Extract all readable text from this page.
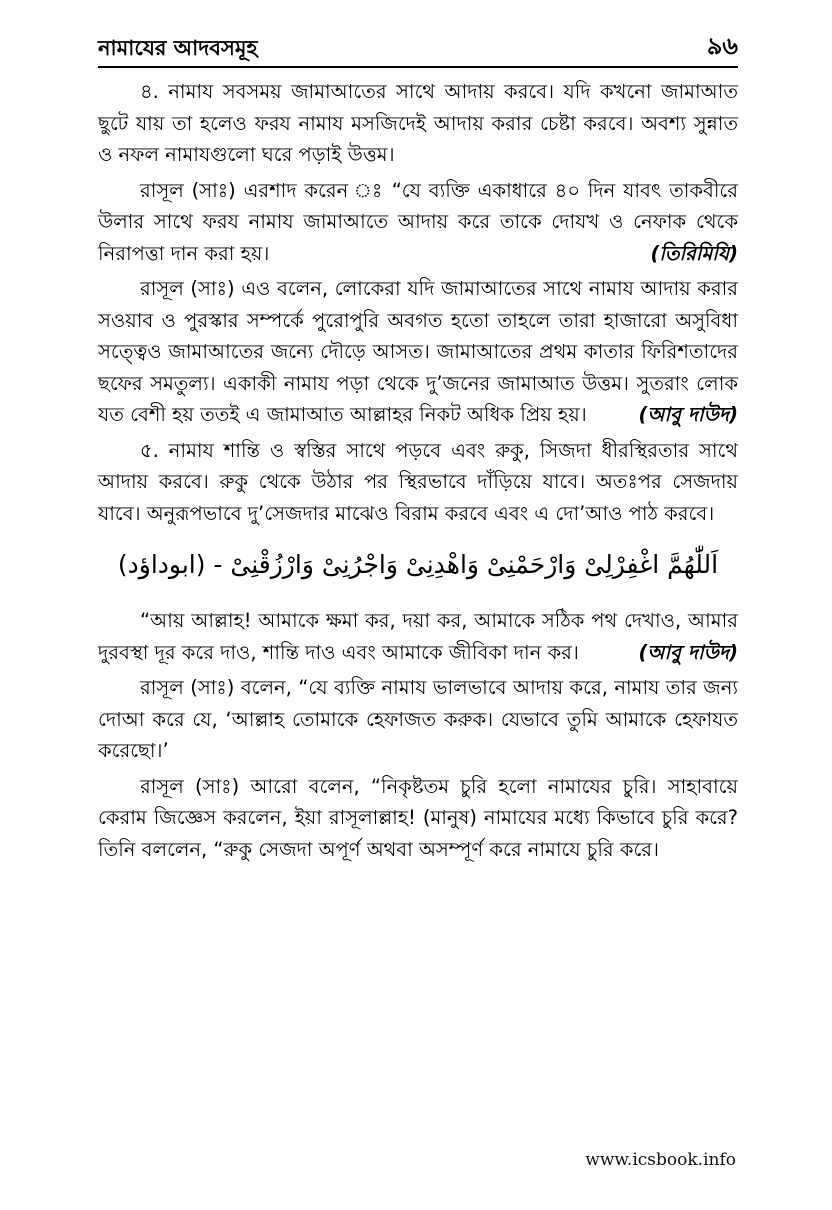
নামাযের আদবসমূহ	৯৬

৪. নামায সবসময় জামাআতের সাথে আদায় করবে। যদি কখনো জামাআত ছুটে যায় তা হলেও ফরয নামায মসজিদেই আদায় করার চেষ্টা করবে। অবশ্য সুন্নাত ও নফল নামাযগুলো ঘরে পড়াই উত্তম।

রাসূল (সাঃ) এরশাদ করেন ঃ “যে ব্যক্তি একাধারে ৪০ দিন যাবৎ তাকবীরে উলার সাথে ফরয নামায জামাআতে আদায় করে তাকে দোযখ ও নেফাক থেকে নিরাপত্তা দান করা হয়।	(তিরিমিযি)

রাসূল (সাঃ) এও বলেন, লোকেরা যদি জামাআতের সাথে নামায আদায় করার সওয়াব ও পুরস্কার সম্পর্কে পুরোপুরি অবগত হতো তাহলে তারা হাজারো অসুবিধা সত্ত্বেও জামাআতের জন্যে দৌড়ে আসত। জামাআতের প্রথম কাতার ফিরিশতাদের ছফের সমতুল্য। একাকী নামায পড়া থেকে দু’জনের জামাআত উত্তম। সুতরাং লোক যত বেশী হয় ততই এ জামাআত আল্লাহর নিকট অধিক প্রিয় হয়।	(আবু দাউদ)

৫. নামায শান্তি ও স্বস্তির সাথে পড়বে এবং রুকু, সিজদা ধীরস্থিরতার সাথে আদায় করবে। রুকু থেকে উঠার পর স্থিরভাবে দাঁড়িয়ে যাবে। অতঃপর সেজদায় যাবে। অনুরূপভাবে দু’সেজদার মাঝেও বিরাম করবে এবং এ দো’আও পাঠ করবে।

اَللّٰهُمَّ اغْفِرْلِىْ وَارْحَمْنِىْ وَاهْدِنِىْ وَاجْرُنِىْ وَارْزُقْنِىْ - (ابوداؤد)

“আয় আল্লাহ! আমাকে ক্ষমা কর, দয়া কর, আমাকে সঠিক পথ দেখাও, আমার দুরবস্থা দূর করে দাও, শান্তি দাও এবং আমাকে জীবিকা দান কর।	(আবু দাউদ)

রাসূল (সাঃ) বলেন, “যে ব্যক্তি নামায ভালভাবে আদায় করে, নামায তার জন্য দোআ করে যে, ‘আল্লাহ তোমাকে হেফাজত করুক। যেভাবে তুমি আমাকে হেফাযত করেছো।’

রাসূল (সাঃ) আরো বলেন, “নিকৃষ্টতম চুরি হলো নামাযের চুরি। সাহাবায়ে কেরাম জিজ্ঞেস করলেন, ইয়া রাসূলাল্লাহ! (মানুষ) নামাযের মধ্যে কিভাবে চুরি করে? তিনি বললেন, “রুকু সেজদা অপূর্ণ অথবা অসম্পূর্ণ করে নামাযে চুরি করে।

www.icsbook.info
